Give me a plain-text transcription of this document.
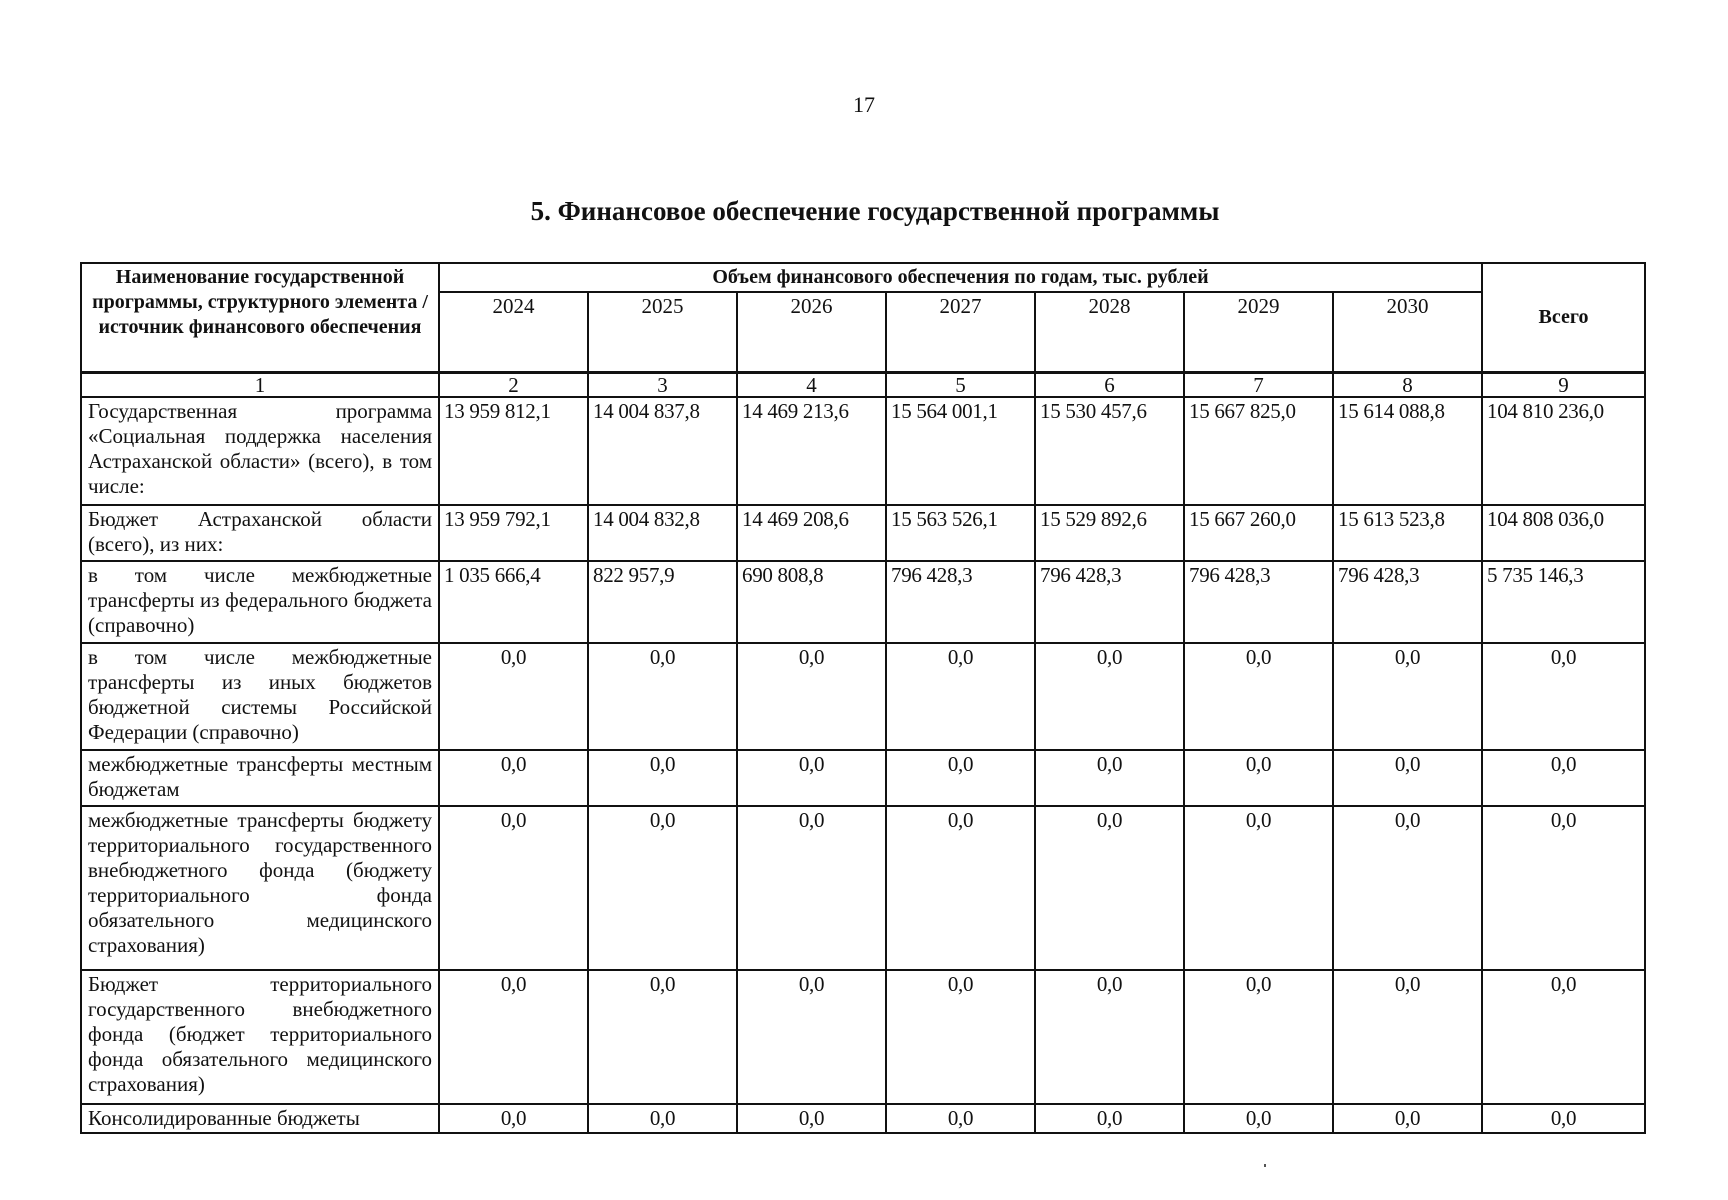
17
5. Финансовое обеспечение государственной программы
Наименование государственной программы, структурного элемента / источник финансового обеспечения	Объем финансового обеспечения по годам, тыс. рублей							Всего
	2024	2025	2026	2027	2028	2029	2030	
1	2	3	4	5	6	7	8	9
Государственная программа «Социальная поддержка населения Астраханской области» (всего), в том числе:	13 959 812,1	14 004 837,8	14 469 213,6	15 564 001,1	15 530 457,6	15 667 825,0	15 614 088,8	104 810 236,0
Бюджет Астраханской области (всего), из них:	13 959 792,1	14 004 832,8	14 469 208,6	15 563 526,1	15 529 892,6	15 667 260,0	15 613 523,8	104 808 036,0
в том числе межбюджетные трансферты из федерального бюджета (справочно)	1 035 666,4	822 957,9	690 808,8	796 428,3	796 428,3	796 428,3	796 428,3	5 735 146,3
в том числе межбюджетные трансферты из иных бюджетов бюджетной системы Российской Федерации (справочно)	0,0	0,0	0,0	0,0	0,0	0,0	0,0	0,0
межбюджетные трансферты местным бюджетам	0,0	0,0	0,0	0,0	0,0	0,0	0,0	0,0
межбюджетные трансферты бюджету территориального государственного внебюджетного фонда (бюджету территориального фонда обязательного медицинского страхования)	0,0	0,0	0,0	0,0	0,0	0,0	0,0	0,0
Бюджет территориального государственного внебюджетного фонда (бюджет территориального фонда обязательного медицинского страхования)	0,0	0,0	0,0	0,0	0,0	0,0	0,0	0,0
Консолидированные бюджеты	0,0	0,0	0,0	0,0	0,0	0,0	0,0	0,0
